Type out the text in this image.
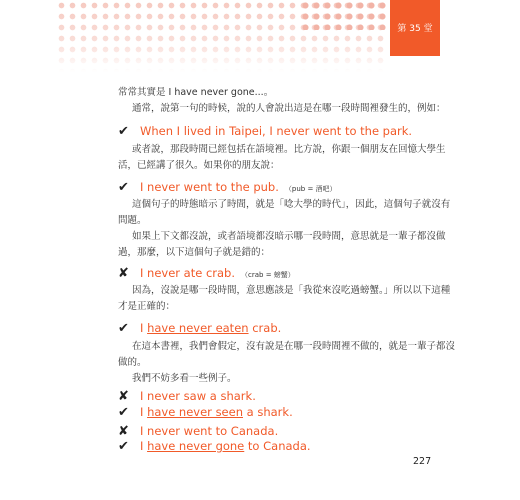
第 35 堂
常常其實是 I have never gone...。
通常，說第一句的時候，說的人會說出這是在哪一段時間裡發生的，例如：
✔ When I lived in Taipei, I never went to the park.
或者說，那段時間已經包括在語境裡。比方說，你跟一個朋友在回憶大學生
活，已經講了很久。如果你的朋友說：
✔ I never went to the pub. （pub = 酒吧）
這個句子的時態暗示了時間，就是「唸大學的時代」，因此，這個句子就沒有
問題。
如果上下文都沒說，或者語境都沒暗示哪一段時間，意思就是一輩子都沒做
過，那麼，以下這個句子就是錯的：
✘ I never ate crab. （crab = 螃蟹）
因為，沒說是哪一段時間，意思應該是「我從來沒吃過螃蟹。」所以以下這種
才是正確的：
✔ I have never eaten crab.
在這本書裡，我們會假定，沒有說是在哪一段時間裡不做的，就是一輩子都沒
做的。
我們不妨多看一些例子。
✘ I never saw a shark.
✔ I have never seen a shark.
✘ I never went to Canada.
✔ I have never gone to Canada.
227
